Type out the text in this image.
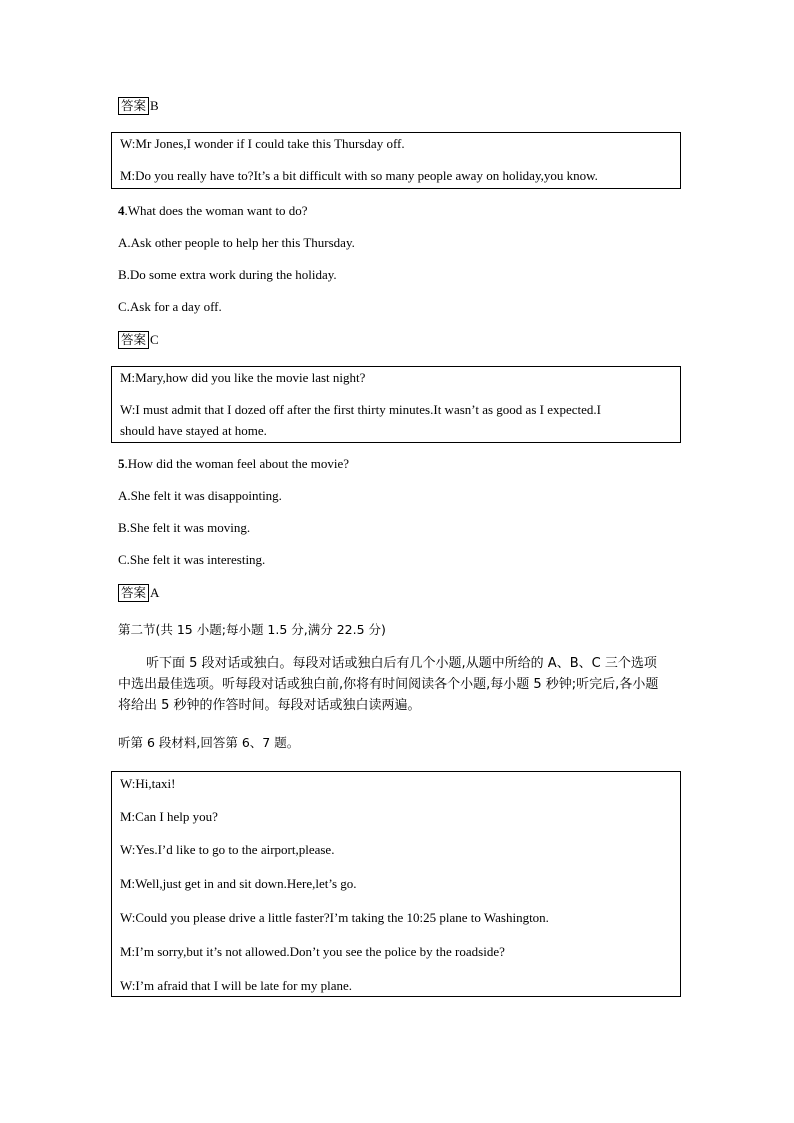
答案 B
W:Mr Jones,I wonder if I could take this Thursday off.
M:Do you really have to?It’s a bit difficult with so many people away on holiday,you know.
4.What does the woman want to do?
A.Ask other people to help her this Thursday.
B.Do some extra work during the holiday.
C.Ask for a day off.
答案 C
M:Mary,how did you like the movie last night?
W:I must admit that I dozed off after the first thirty minutes.It wasn’t as good as I expected.I
should have stayed at home.
5.How did the woman feel about the movie?
A.She felt it was disappointing.
B.She felt it was moving.
C.She felt it was interesting.
答案 A
第二节(共 15 小题;每小题 1.5 分,满分 22.5 分)
听下面 5 段对话或独白。每段对话或独白后有几个小题,从题中所给的 A、B、C 三个选项中选出最佳选项。听每段对话或独白前,你将有时间阅读各个小题,每小题 5 秒钟;听完后,各小题将给出 5 秒钟的作答时间。每段对话或独白读两遍。
听第 6 段材料,回答第 6、7 题。
W:Hi,taxi!
M:Can I help you?
W:Yes.I’d like to go to the airport,please.
M:Well,just get in and sit down.Here,let’s go.
W:Could you please drive a little faster?I’m taking the 10:25 plane to Washington.
M:I’m sorry,but it’s not allowed.Don’t you see the police by the roadside?
W:I’m afraid that I will be late for my plane.
